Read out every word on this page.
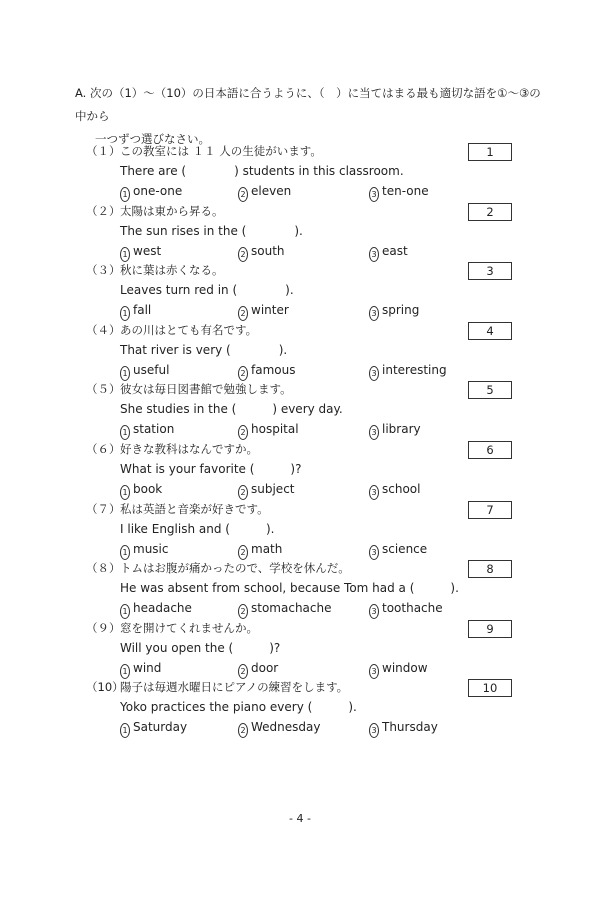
A. 次の（1）～（10）の日本語に合うように、（　）に当てはまる最も適切な語を①～③の中から
一つずつ選びなさい。
（１）この教室には １１ 人の生徒がいます。	1
There are (　　　　) students in this classroom.
1 one-one	2 eleven	3 ten-one
（２）太陽は東から昇る。	2
The sun rises in the (　　　　).
1 west	2 south	3 east
（３）秋に葉は赤くなる。	3
Leaves turn red in (　　　　).
1 fall	2 winter	3 spring
（４）あの川はとても有名です。	4
That river is very (　　　　).
1 useful	2 famous	3 interesting
（５）彼女は毎日図書館で勉強します。	5
She studies in the (　　　) every day.
1 station	2 hospital	3 library
（６）好きな教科はなんですか。	6
What is your favorite (　　　)?
1 book	2 subject	3 school
（７）私は英語と音楽が好きです。	7
I like English and (　　　).
1 music	2 math	3 science
（８）トムはお腹が痛かったので、学校を休んだ。	8
He was absent from school, because Tom had a (　　　).
1 headache	2 stomachache	3 toothache
（９）窓を開けてくれませんか。	9
Will you open the (　　　)?
1 wind	2 door	3 window
（10）陽子は毎週水曜日にピアノの練習をします。	10
Yoko practices the piano every (　　　).
1 Saturday	2 Wednesday	3 Thursday
- 4 -
